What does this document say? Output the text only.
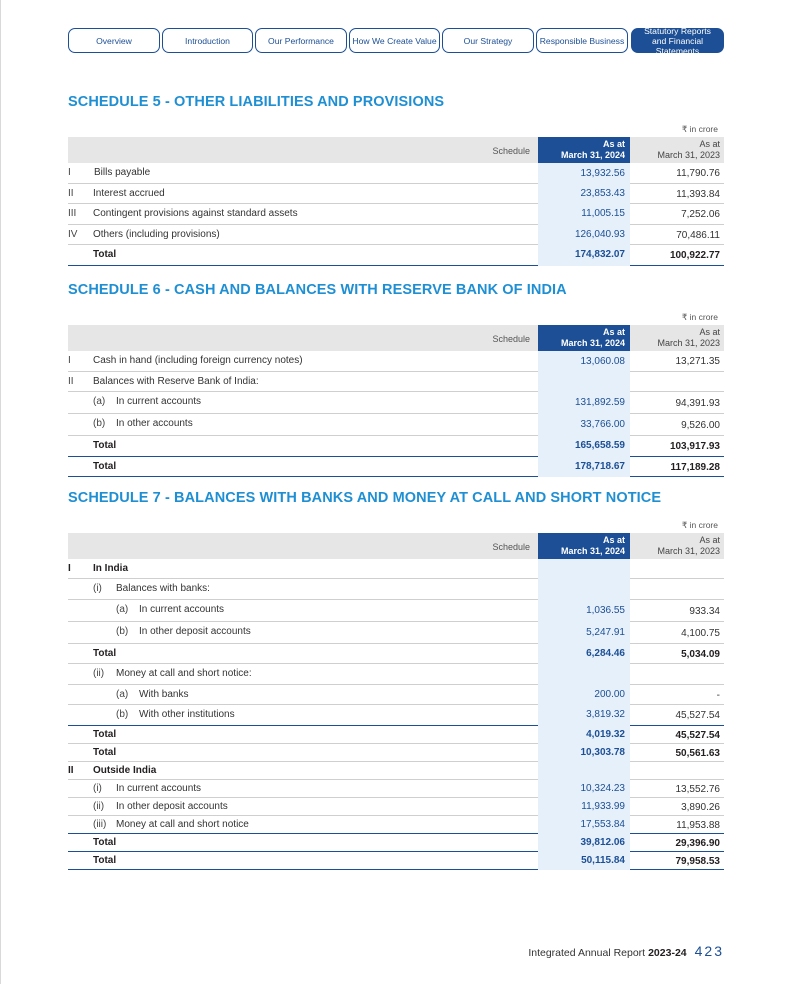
Overview	Introduction	Our Performance	How We Create Value	Our Strategy	Responsible Business
Statutory Reports and Financial Statements
SCHEDULE 5 - OTHER LIABILITIES AND PROVISIONS
₹ in crore
Schedule
As at
March 31, 2024
As at
March 31, 2023
I Bills payable	13,932.56	11,790.76
II Interest accrued	23,853.43	11,393.84
III Contingent provisions against standard assets	11,005.15	7,252.06
IV Others (including provisions)	126,040.93	70,486.11
Total	174,832.07	100,922.77
SCHEDULE 6 - CASH AND BALANCES WITH RESERVE BANK OF INDIA
₹ in crore
Schedule
As at
March 31, 2024
As at
March 31, 2023
I Cash in hand (including foreign currency notes)	13,060.08	13,271.35
II Balances with Reserve Bank of India:
(a) In current accounts	131,892.59	94,391.93
(b) In other accounts	33,766.00	9,526.00
Total	165,658.59	103,917.93
Total	178,718.67	117,189.28
SCHEDULE 7 - BALANCES WITH BANKS AND MONEY AT CALL AND SHORT NOTICE
₹ in crore
Schedule
As at
March 31, 2024
As at
March 31, 2023
I In India
(i) Balances with banks:
(a) In current accounts	1,036.55	933.34
(b) In other deposit accounts	5,247.91	4,100.75
Total	6,284.46	5,034.09
(ii) Money at call and short notice:
(a) With banks	200.00	-
(b) With other institutions	3,819.32	45,527.54
Total	4,019.32	45,527.54
Total	10,303.78	50,561.63
II Outside India
(i) In current accounts	10,324.23	13,552.76
(ii) In other deposit accounts	11,933.99	3,890.26
(iii) Money at call and short notice	17,553.84	11,953.88
Total	39,812.06	29,396.90
Total	50,115.84	79,958.53
Integrated Annual Report 2023-24 423
